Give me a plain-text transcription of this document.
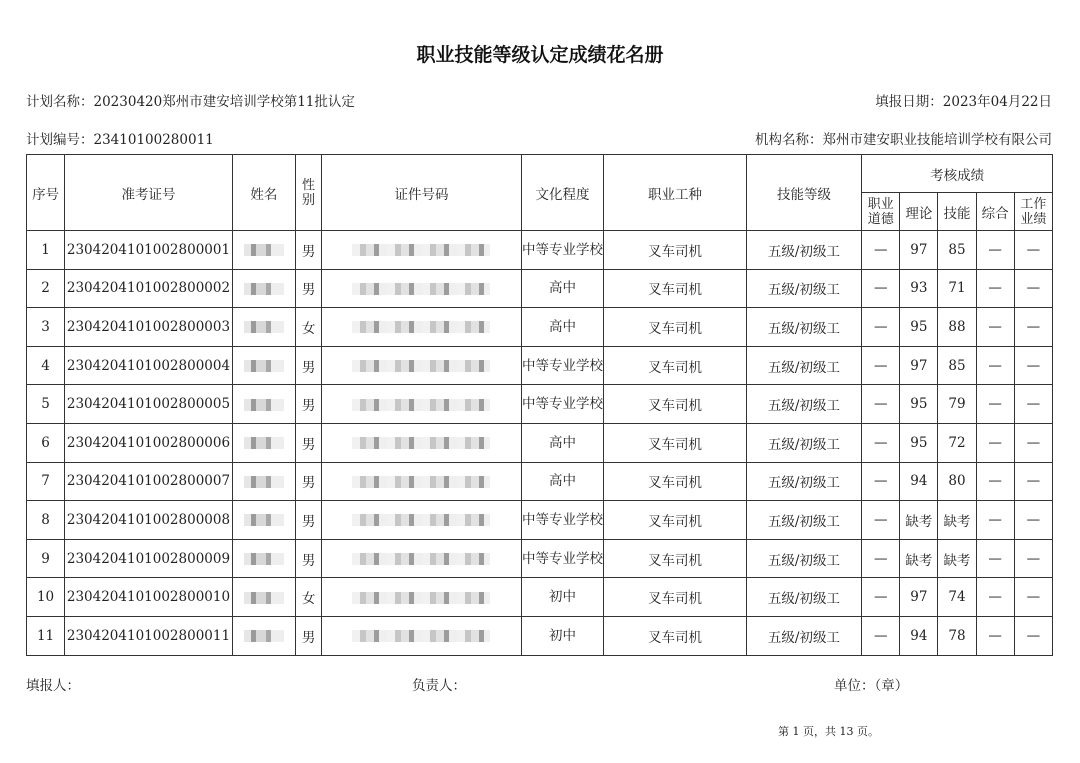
职业技能等级认定成绩花名册
计划名称：20230420郑州市建安培训学校第11批认定	填报日期：2023年04月22日
计划编号：23410100280011	机构名称：郑州市建安职业技能培训学校有限公司
序号	准考证号	姓名	性别	证件号码	文化程度	职业工种	技能等级	考核成绩				
								职业道德	理论	技能	综合	工作业绩
1	2304204101002800001		男		中等专业学校	叉车司机	五级/初级工	—	97	85	—	—
2	2304204101002800002		男		高中	叉车司机	五级/初级工	—	93	71	—	—
3	2304204101002800003		女		高中	叉车司机	五级/初级工	—	95	88	—	—
4	2304204101002800004		男		中等专业学校	叉车司机	五级/初级工	—	97	85	—	—
5	2304204101002800005		男		中等专业学校	叉车司机	五级/初级工	—	95	79	—	—
6	2304204101002800006		男		高中	叉车司机	五级/初级工	—	95	72	—	—
7	2304204101002800007		男		高中	叉车司机	五级/初级工	—	94	80	—	—
8	2304204101002800008		男		中等专业学校	叉车司机	五级/初级工	—	缺考	缺考	—	—
9	2304204101002800009		男		中等专业学校	叉车司机	五级/初级工	—	缺考	缺考	—	—
10	2304204101002800010		女		初中	叉车司机	五级/初级工	—	97	74	—	—
11	2304204101002800011		男		初中	叉车司机	五级/初级工	—	94	78	—	—
填报人：	负责人：	单位：（章）
第 1 页，共 13 页。
